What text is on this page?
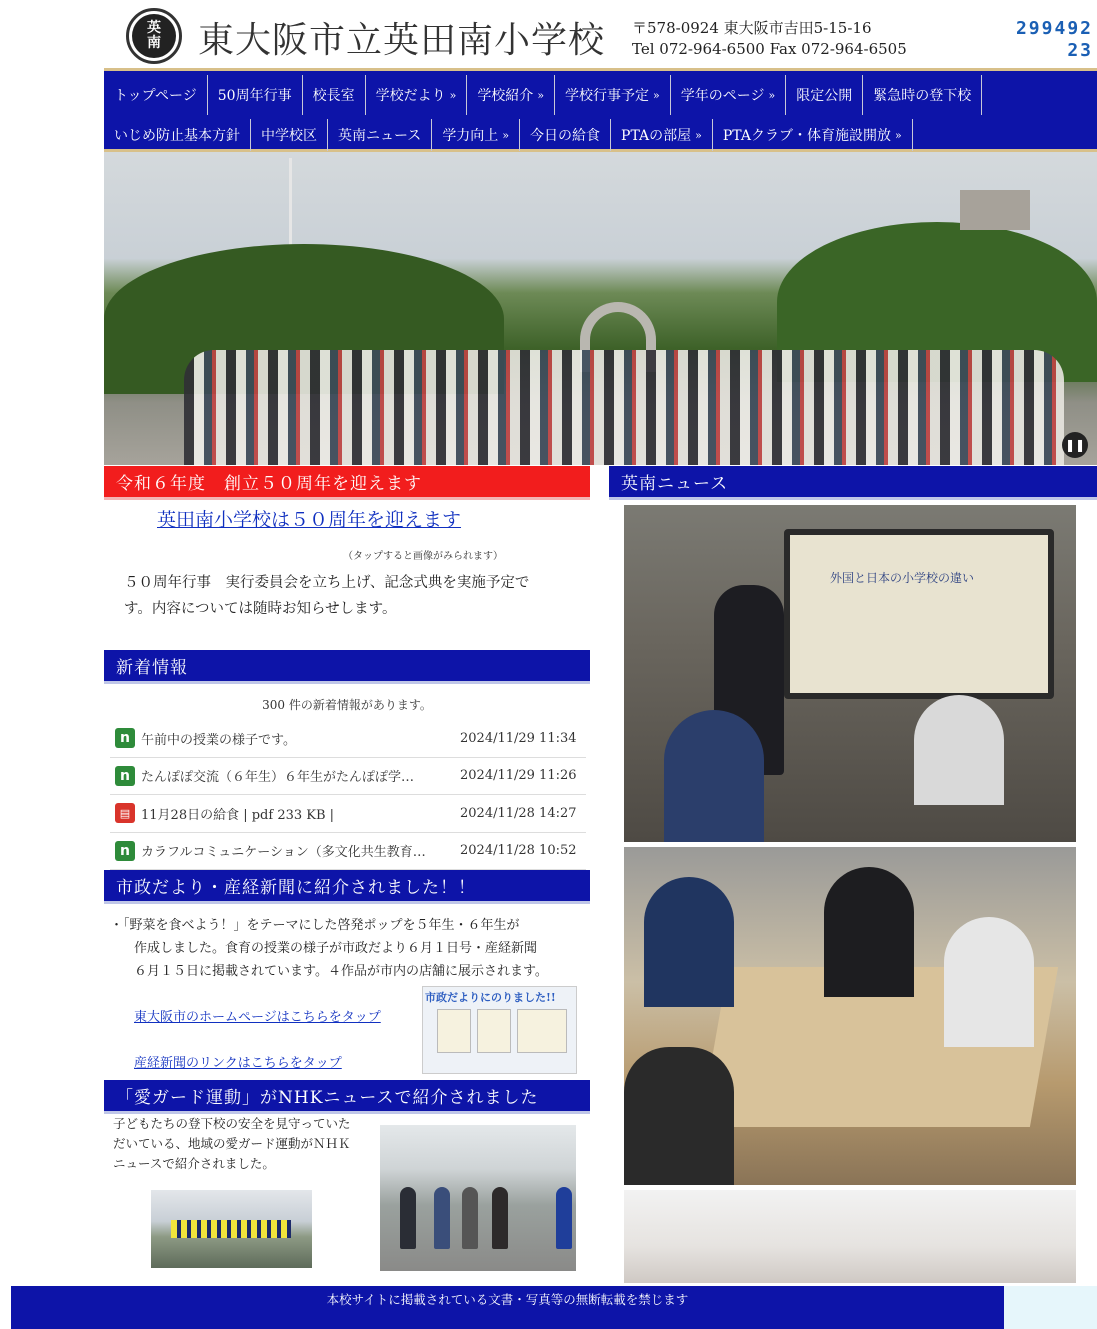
英
南 東大阪市立英田南小学校 〒578-0924 東大阪市吉田5-15-16
Tel 072-964-6500 Fax 072-964-6505
299492
23
トップページ 50周年行事 校長室 学校だより » 学校紹介 » 学校行事予定 » 学年のページ » 限定公開 緊急時の登下校
いじめ防止基本方針 中学校区 英南ニュース 学力向上 » 今日の給食 PTAの部屋 » PTAクラブ・体育施設開放 »
❚❚
令和６年度　創立５０周年を迎えます
英田南小学校は５０周年を迎えます
（タップすると画像がみられます）
５０周年行事　実行委員会を立ち上げ、記念式典を実施予定です。内容については随時お知らせします。
新着情報
300 件の新着情報があります。
n 午前中の授業の様子です。	2024/11/29 11:34
n たんぽぽ交流（６年生）６年生がたんぽぽ学…	2024/11/29 11:26
▤ 11月28日の給食 | pdf 233 KB |	2024/11/28 14:27
n カラフルコミュニケーション（多文化共生教育…	2024/11/28 10:52
市政だより・産経新聞に紹介されました！！
・「野菜を食べよう！」をテーマにした啓発ポップを５年生・６年生が
作成しました。食育の授業の様子が市政だより６月１日号・産経新聞
６月１５日に掲載されています。４作品が市内の店舗に展示されます。
東大阪市のホームページはこちらをタップ
産経新聞のリンクはこちらをタップ
市政だよりにのりました!!
「愛ガード運動」がNHKニュースで紹介されました
子どもたちの登下校の安全を見守っていただいている、地域の愛ガード運動がＮＨＫニュースで紹介されました。
英南ニュース
外国と日本の小学校の違い
本校サイトに掲載されている文書・写真等の無断転載を禁じます
